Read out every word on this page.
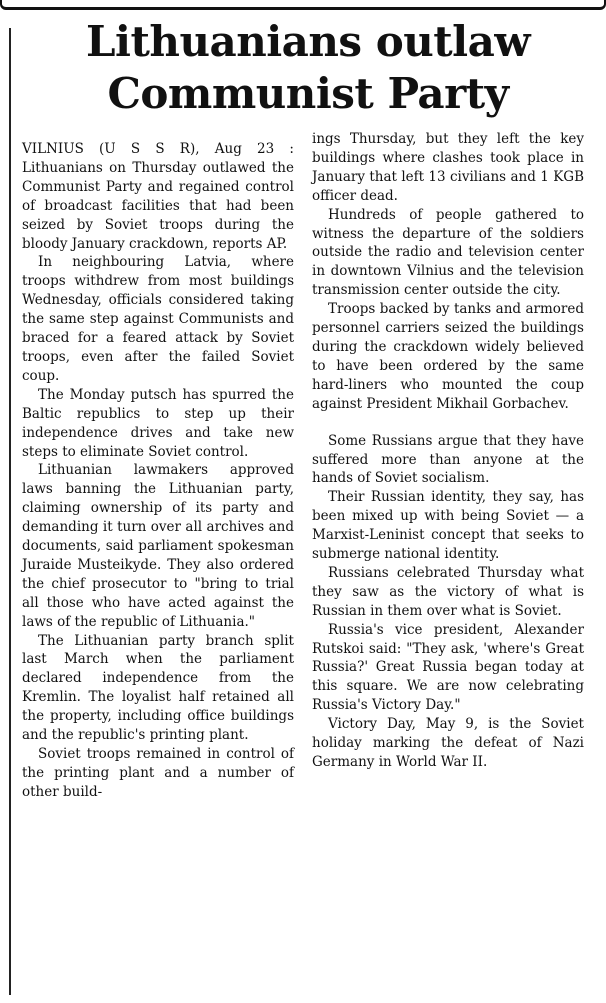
Lithuanians outlaw Communist Party

VILNIUS (U S S R), Aug 23 : Lithuanians on Thursday outlawed the Communist Party and regained control of broadcast facilities that had been seized by Soviet troops during the bloody January crackdown, reports AP.

In neighbouring Latvia, where troops withdrew from most buildings Wednesday, officials considered taking the same step against Communists and braced for a feared attack by Soviet troops, even after the failed Soviet coup.

The Monday putsch has spurred the Baltic republics to step up their independence drives and take new steps to eliminate Soviet control.

Lithuanian lawmakers approved laws banning the Lithuanian party, claiming ownership of its party and demanding it turn over all archives and documents, said parliament spokesman Juraide Musteikyde. They also ordered the chief prosecutor to "bring to trial all those who have acted against the laws of the republic of Lithuania."

The Lithuanian party branch split last March when the parliament declared independence from the Kremlin. The loyalist half retained all the property, including office buildings and the republic's printing plant.

Soviet troops remained in control of the printing plant and a number of other build-

ings Thursday, but they left the key buildings where clashes took place in January that left 13 civilians and 1 KGB officer dead.

Hundreds of people gathered to witness the departure of the soldiers outside the radio and television center in downtown Vilnius and the television transmission center outside the city.

Troops backed by tanks and armored personnel carriers seized the buildings during the crackdown widely believed to have been ordered by the same hard-liners who mounted the coup against President Mikhail Gorbachev.

Some Russians argue that they have suffered more than anyone at the hands of Soviet socialism.

Their Russian identity, they say, has been mixed up with being Soviet — a Marxist-Leninist concept that seeks to submerge national identity.

Russians celebrated Thursday what they saw as the victory of what is Russian in them over what is Soviet.

Russia's vice president, Alexander Rutskoi said: "They ask, 'where's Great Russia?' Great Russia began today at this square. We are now celebrating Russia's Victory Day."

Victory Day, May 9, is the Soviet holiday marking the defeat of Nazi Germany in World War II.
